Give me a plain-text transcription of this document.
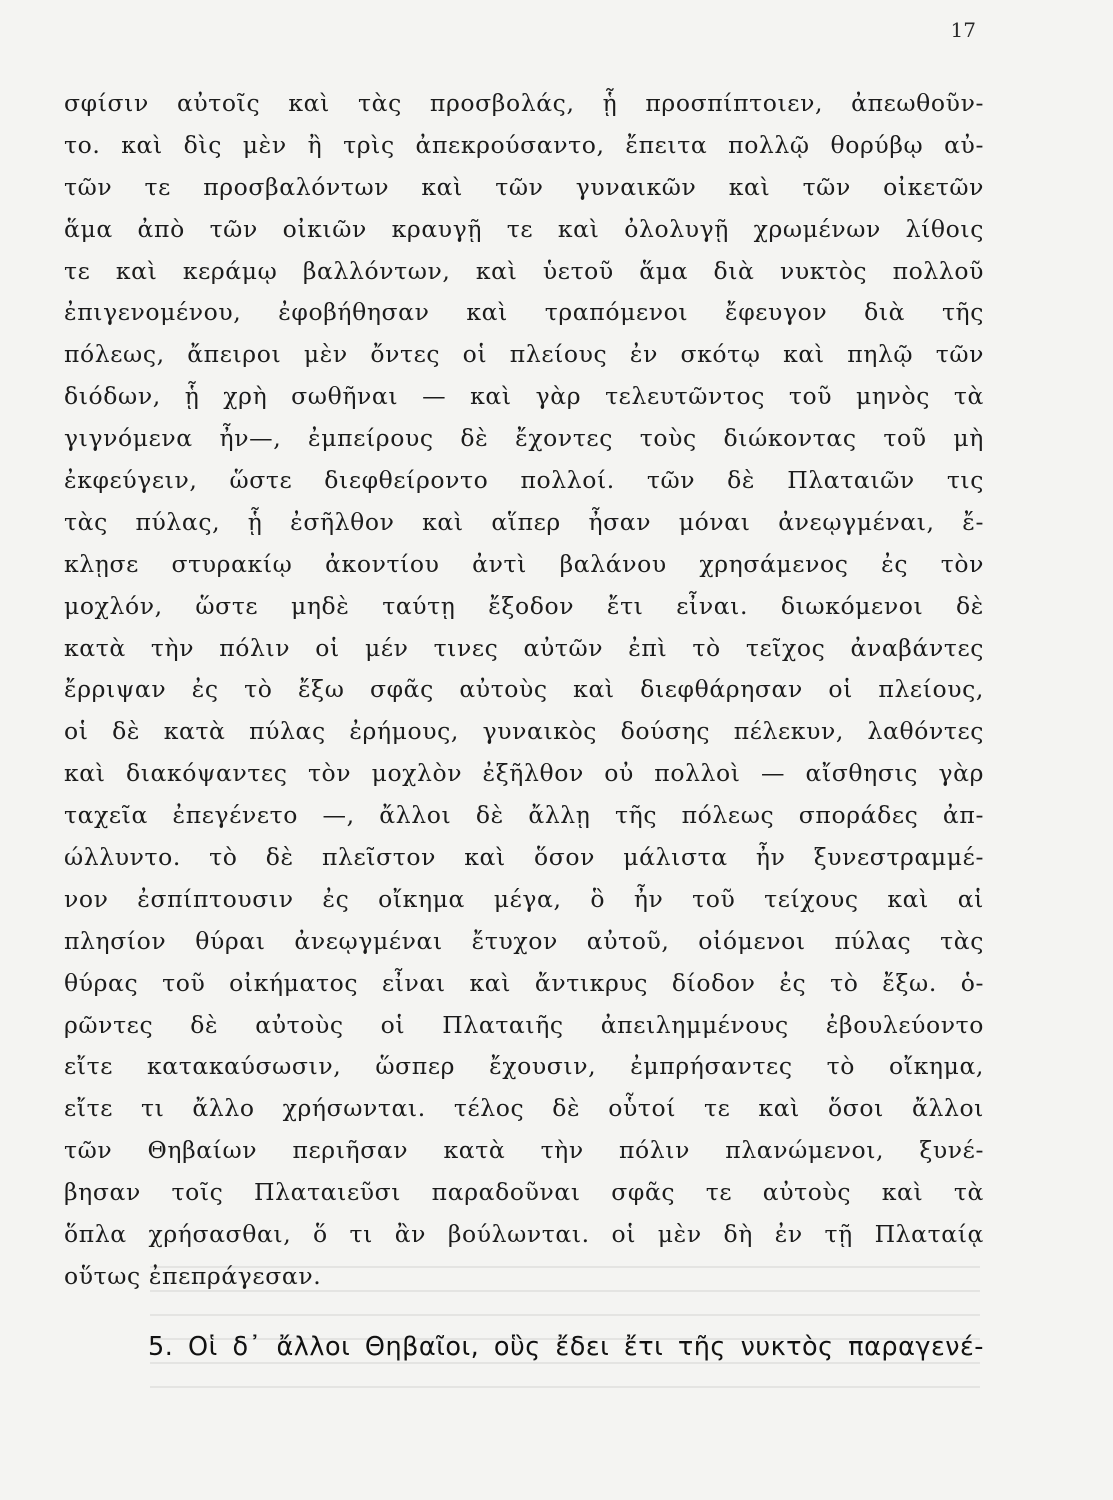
17
σφίσιν αὐτοῖς καὶ τὰς προσβολάς, ᾗ προσπίπτοιεν, ἀπεωθοῦν-
το. καὶ δὶς μὲν ἢ τρὶς ἀπεκρούσαντο, ἔπειτα πολλῷ θορύβῳ αὐ-
τῶν τε προσβαλόντων καὶ τῶν γυναικῶν καὶ τῶν οἰκετῶν
ἅμα ἀπὸ τῶν οἰκιῶν κραυγῇ τε καὶ ὀλολυγῇ χρωμένων λίθοις
τε καὶ κεράμῳ βαλλόντων, καὶ ὑετοῦ ἅμα διὰ νυκτὸς πολλοῦ
ἐπιγενομένου, ἐφοβήθησαν καὶ τραπόμενοι ἔφευγον διὰ τῆς
πόλεως, ἄπειροι μὲν ὄντες οἱ πλείους ἐν σκότῳ καὶ πηλῷ τῶν
διόδων, ᾗ χρὴ σωθῆναι — καὶ γὰρ τελευτῶντος τοῦ μηνὸς τὰ
γιγνόμενα ἦν—, ἐμπείρους δὲ ἔχοντες τοὺς διώκοντας τοῦ μὴ
ἐκφεύγειν, ὥστε διεφθείροντο πολλοί. τῶν δὲ Πλαταιῶν τις
τὰς πύλας, ᾗ ἐσῆλθον καὶ αἵπερ ἦσαν μόναι ἀνεῳγμέναι, ἔ-
κλῃσε στυρακίῳ ἀκοντίου ἀντὶ βαλάνου χρησάμενος ἐς τὸν
μοχλόν, ὥστε μηδὲ ταύτῃ ἔξοδον ἔτι εἶναι. διωκόμενοι δὲ
κατὰ τὴν πόλιν οἱ μέν τινες αὐτῶν ἐπὶ τὸ τεῖχος ἀναβάντες
ἔρριψαν ἐς τὸ ἔξω σφᾶς αὐτοὺς καὶ διεφθάρησαν οἱ πλείους,
οἱ δὲ κατὰ πύλας ἐρήμους, γυναικὸς δούσης πέλεκυν, λαθόντες
καὶ διακόψαντες τὸν μοχλὸν ἐξῆλθον οὐ πολλοὶ — αἴσθησις γὰρ
ταχεῖα ἐπεγένετο —, ἄλλοι δὲ ἄλλῃ τῆς πόλεως σποράδες ἀπ-
ώλλυντο. τὸ δὲ πλεῖστον καὶ ὅσον μάλιστα ἦν ξυνεστραμμέ-
νον ἐσπίπτουσιν ἐς οἴκημα μέγα, ὃ ἦν τοῦ τείχους καὶ αἱ
πλησίον θύραι ἀνεῳγμέναι ἔτυχον αὐτοῦ, οἰόμενοι πύλας τὰς
θύρας τοῦ οἰκήματος εἶναι καὶ ἄντικρυς δίοδον ἐς τὸ ἔξω. ὁ-
ρῶντες δὲ αὐτοὺς οἱ Πλαταιῆς ἀπειλημμένους ἐβουλεύοντο
εἴτε κατακαύσωσιν, ὥσπερ ἔχουσιν, ἐμπρήσαντες τὸ οἴκημα,
εἴτε τι ἄλλο χρήσωνται. τέλος δὲ οὗτοί τε καὶ ὅσοι ἄλλοι
τῶν Θηβαίων περιῆσαν κατὰ τὴν πόλιν πλανώμενοι, ξυνέ-
βησαν τοῖς Πλαταιεῦσι παραδοῦναι σφᾶς τε αὐτοὺς καὶ τὰ
ὅπλα χρήσασθαι, ὅ τι ἂν βούλωνται. οἱ μὲν δὴ ἐν τῇ Πλαταίᾳ
οὕτως ἐπεπράγεσαν.
5. Οἱ δ᾽ ἄλλοι Θηβαῖοι, οὓς ἔδει ἔτι τῆς νυκτὸς παραγενέ-
